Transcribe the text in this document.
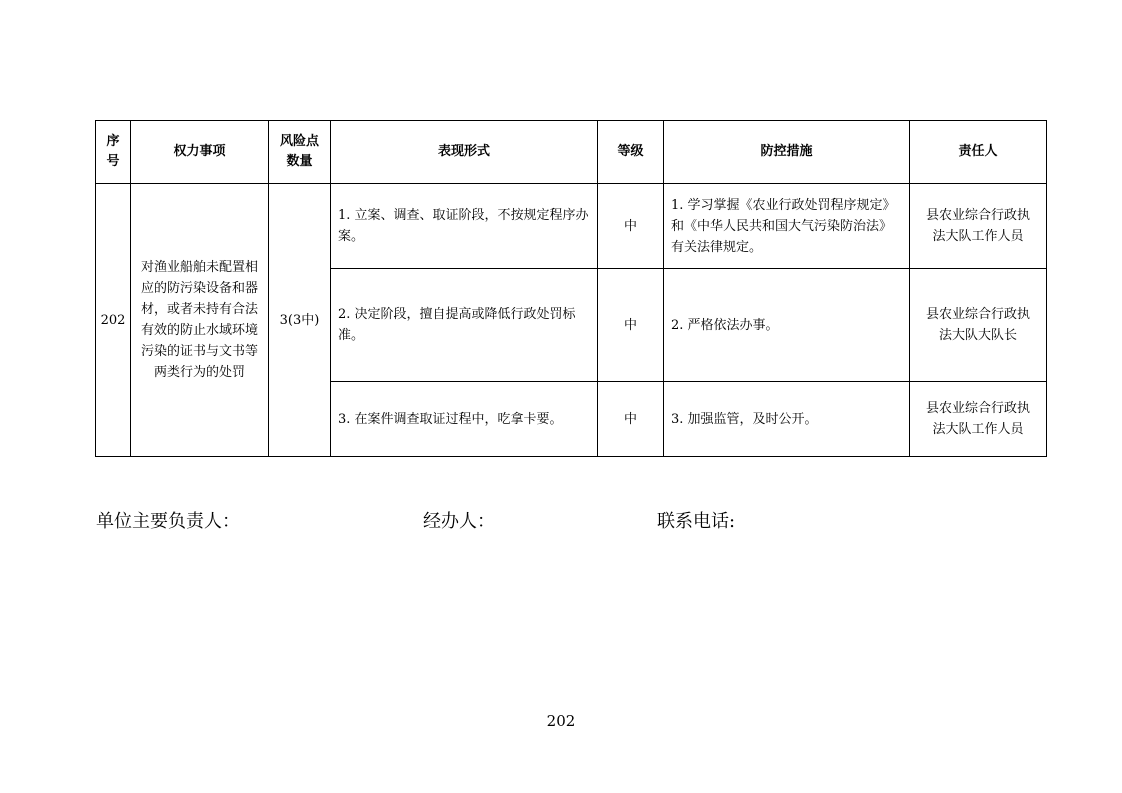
序号	权力事项	风险点数量	表现形式	等级	防控措施	责任人
202	对渔业船舶未配置相应的防污染设备和器材，或者未持有合法有效的防止水域环境污染的证书与文书等两类行为的处罚	3(3中)	1. 立案、调查、取证阶段，不按规定程序办案。	中	1. 学习掌握《农业行政处罚程序规定》和《中华人民共和国大气污染防治法》有关法律规定。	县农业综合行政执法大队工作人员
			2. 决定阶段，擅自提高或降低行政处罚标准。	中	2. 严格依法办事。	县农业综合行政执法大队大队长
			3. 在案件调查取证过程中，吃拿卡要。	中	3. 加强监管，及时公开。	县农业综合行政执法大队工作人员
单位主要负责人：	经办人：	联系电话:
202
